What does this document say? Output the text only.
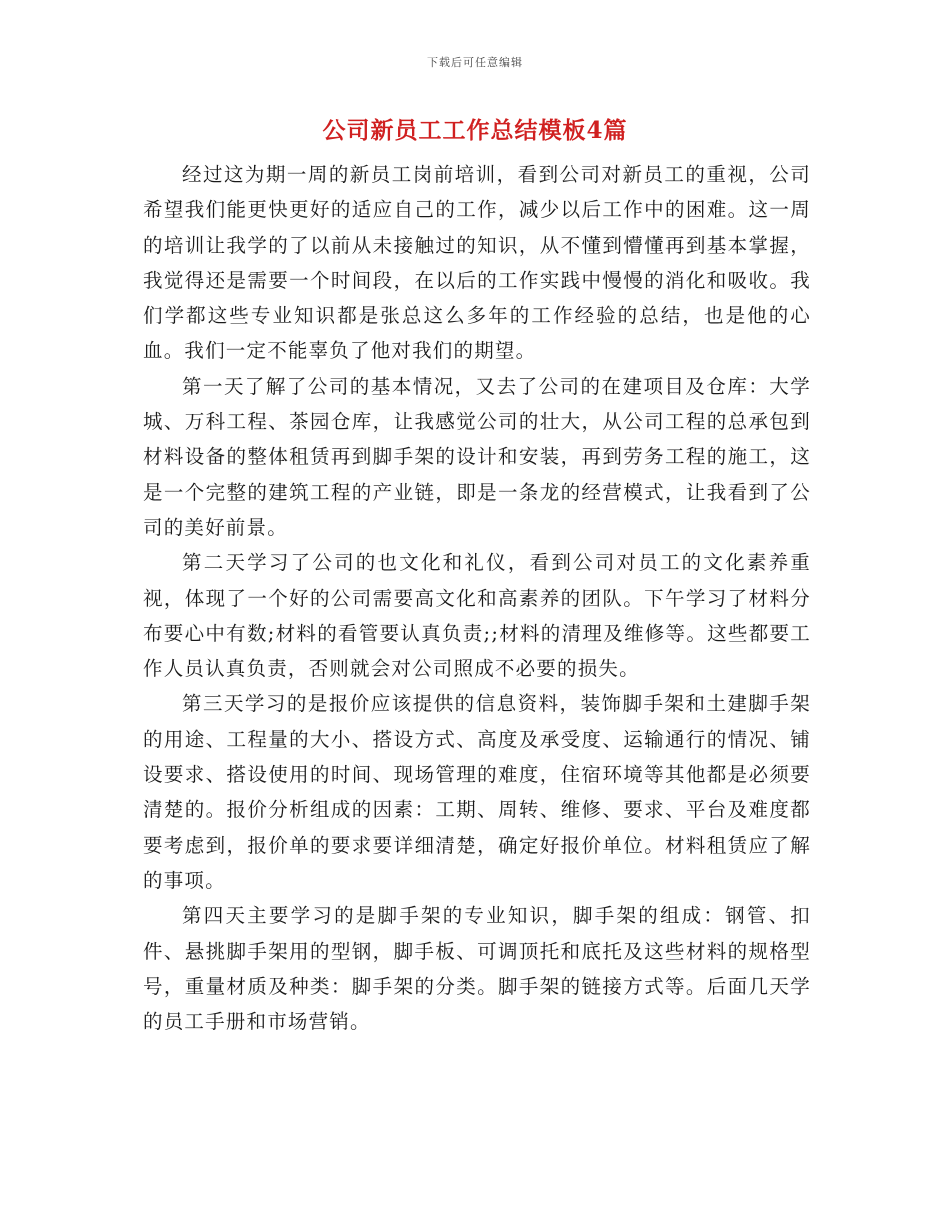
下载后可任意编辑
公司新员工工作总结模板4篇

经过这为期一周的新员工岗前培训，看到公司对新员工的重视，公司希望我们能更快更好的适应自己的工作，减少以后工作中的困难。这一周的培训让我学的了以前从未接触过的知识，从不懂到懵懂再到基本掌握，我觉得还是需要一个时间段，在以后的工作实践中慢慢的消化和吸收。我们学都这些专业知识都是张总这么多年的工作经验的总结，也是他的心血。我们一定不能辜负了他对我们的期望。

第一天了解了公司的基本情况，又去了公司的在建项目及仓库：大学城、万科工程、茶园仓库，让我感觉公司的壮大，从公司工程的总承包到材料设备的整体租赁再到脚手架的设计和安装，再到劳务工程的施工，这是一个完整的建筑工程的产业链，即是一条龙的经营模式，让我看到了公司的美好前景。

第二天学习了公司的也文化和礼仪，看到公司对员工的文化素养重视，体现了一个好的公司需要高文化和高素养的团队。下午学习了材料分布要心中有数;材料的看管要认真负责;;材料的清理及维修等。这些都要工作人员认真负责，否则就会对公司照成不必要的损失。

第三天学习的是报价应该提供的信息资料，装饰脚手架和土建脚手架的用途、工程量的大小、搭设方式、高度及承受度、运输通行的情况、铺设要求、搭设使用的时间、现场管理的难度，住宿环境等其他都是必须要清楚的。报价分析组成的因素：工期、周转、维修、要求、平台及难度都要考虑到，报价单的要求要详细清楚，确定好报价单位。材料租赁应了解的事项。

第四天主要学习的是脚手架的专业知识，脚手架的组成：钢管、扣件、悬挑脚手架用的型钢，脚手板、可调顶托和底托及这些材料的规格型号，重量材质及种类：脚手架的分类。脚手架的链接方式等。后面几天学的员工手册和市场营销。
